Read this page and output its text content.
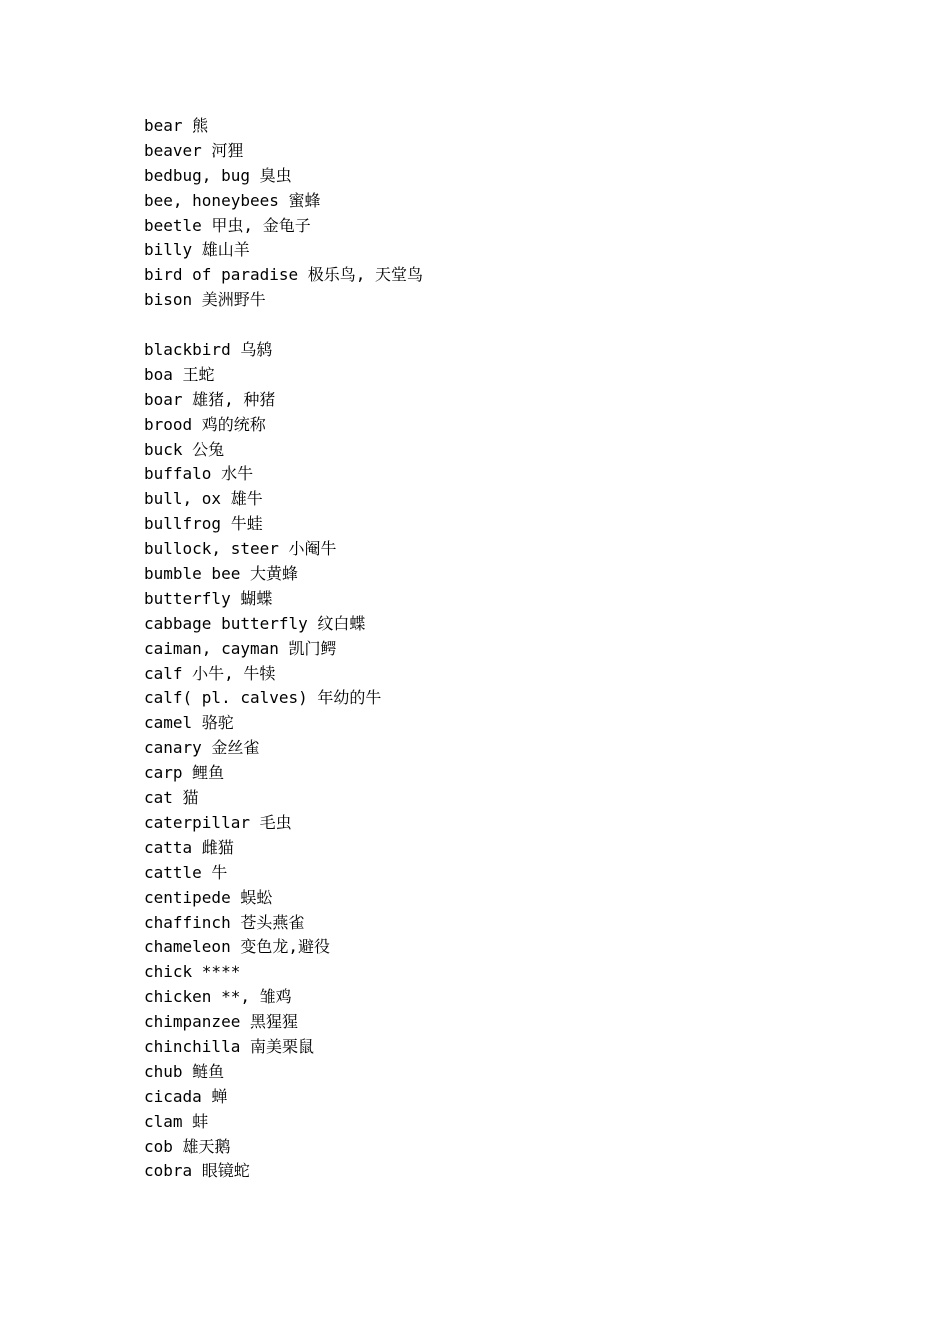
bear 熊
beaver 河狸
bedbug, bug 臭虫
bee, honeybees 蜜蜂
beetle 甲虫, 金龟子
billy 雄山羊
bird of paradise 极乐鸟, 天堂鸟
bison 美洲野牛
blackbird 乌鸫
boa 王蛇
boar 雄猪, 种猪
brood 鸡的统称
buck 公兔
buffalo 水牛
bull, ox 雄牛
bullfrog 牛蛙
bullock, steer 小阉牛
bumble bee 大黄蜂
butterfly 蝴蝶
cabbage butterfly 纹白蝶
caiman, cayman 凯门鳄
calf 小牛, 牛犊
calf( pl. calves) 年幼的牛
camel 骆驼
canary 金丝雀
carp 鲤鱼
cat 猫
caterpillar 毛虫
catta 雌猫
cattle 牛
centipede 蜈蚣
chaffinch 苍头燕雀
chameleon 变色龙,避役
chick ****
chicken **, 雏鸡
chimpanzee 黑猩猩
chinchilla 南美栗鼠
chub 鲢鱼
cicada 蝉
clam 蚌
cob 雄天鹅
cobra 眼镜蛇
